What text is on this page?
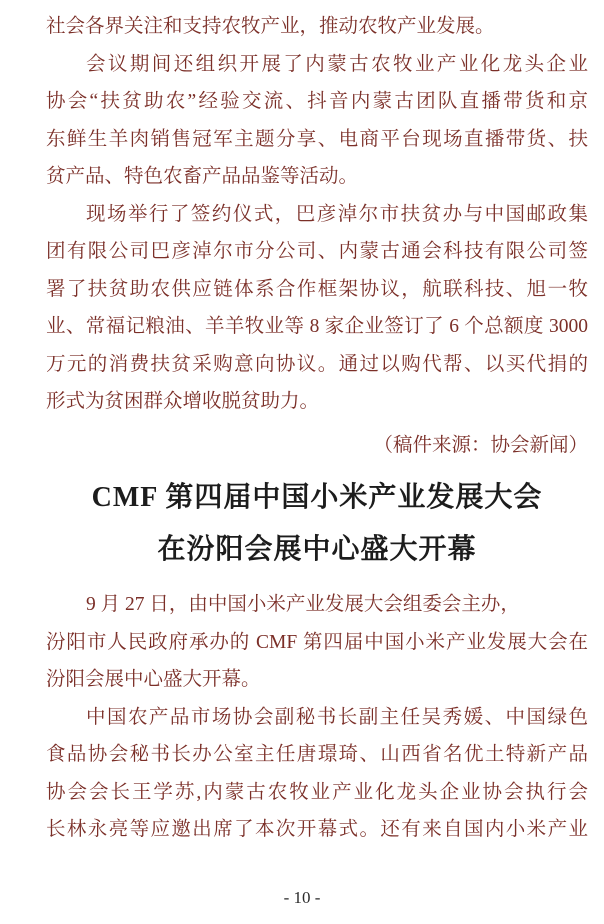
社会各界关注和支持农牧产业，推动农牧产业发展。
会议期间还组织开展了内蒙古农牧业产业化龙头企业
协会“扶贫助农”经验交流、抖音内蒙古团队直播带货和京
东鲜生羊肉销售冠军主题分享、电商平台现场直播带货、扶
贫产品、特色农畜产品品鉴等活动。
现场举行了签约仪式，巴彦淖尔市扶贫办与中国邮政集
团有限公司巴彦淖尔市分公司、内蒙古通会科技有限公司签
署了扶贫助农供应链体系合作框架协议，航联科技、旭一牧
业、常福记粮油、羊羊牧业等 8 家企业签订了 6 个总额度 3000
万元的消费扶贫采购意向协议。通过以购代帮、以买代捐的
形式为贫困群众增收脱贫助力。
（稿件来源：协会新闻）
CMF 第四届中国小米产业发展大会
在汾阳会展中心盛大开幕
9 月 27 日，由中国小米产业发展大会组委会主办，
汾阳市人民政府承办的 CMF 第四届中国小米产业发展大会在
汾阳会展中心盛大开幕。
中国农产品市场协会副秘书长副主任吴秀媛、中国绿色
食品协会秘书长办公室主任唐璟琦、山西省名优土特新产品
协会会长王学苏,内蒙古农牧业产业化龙头企业协会执行会
长林永亮等应邀出席了本次开幕式。还有来自国内小米产业
- 10 -
